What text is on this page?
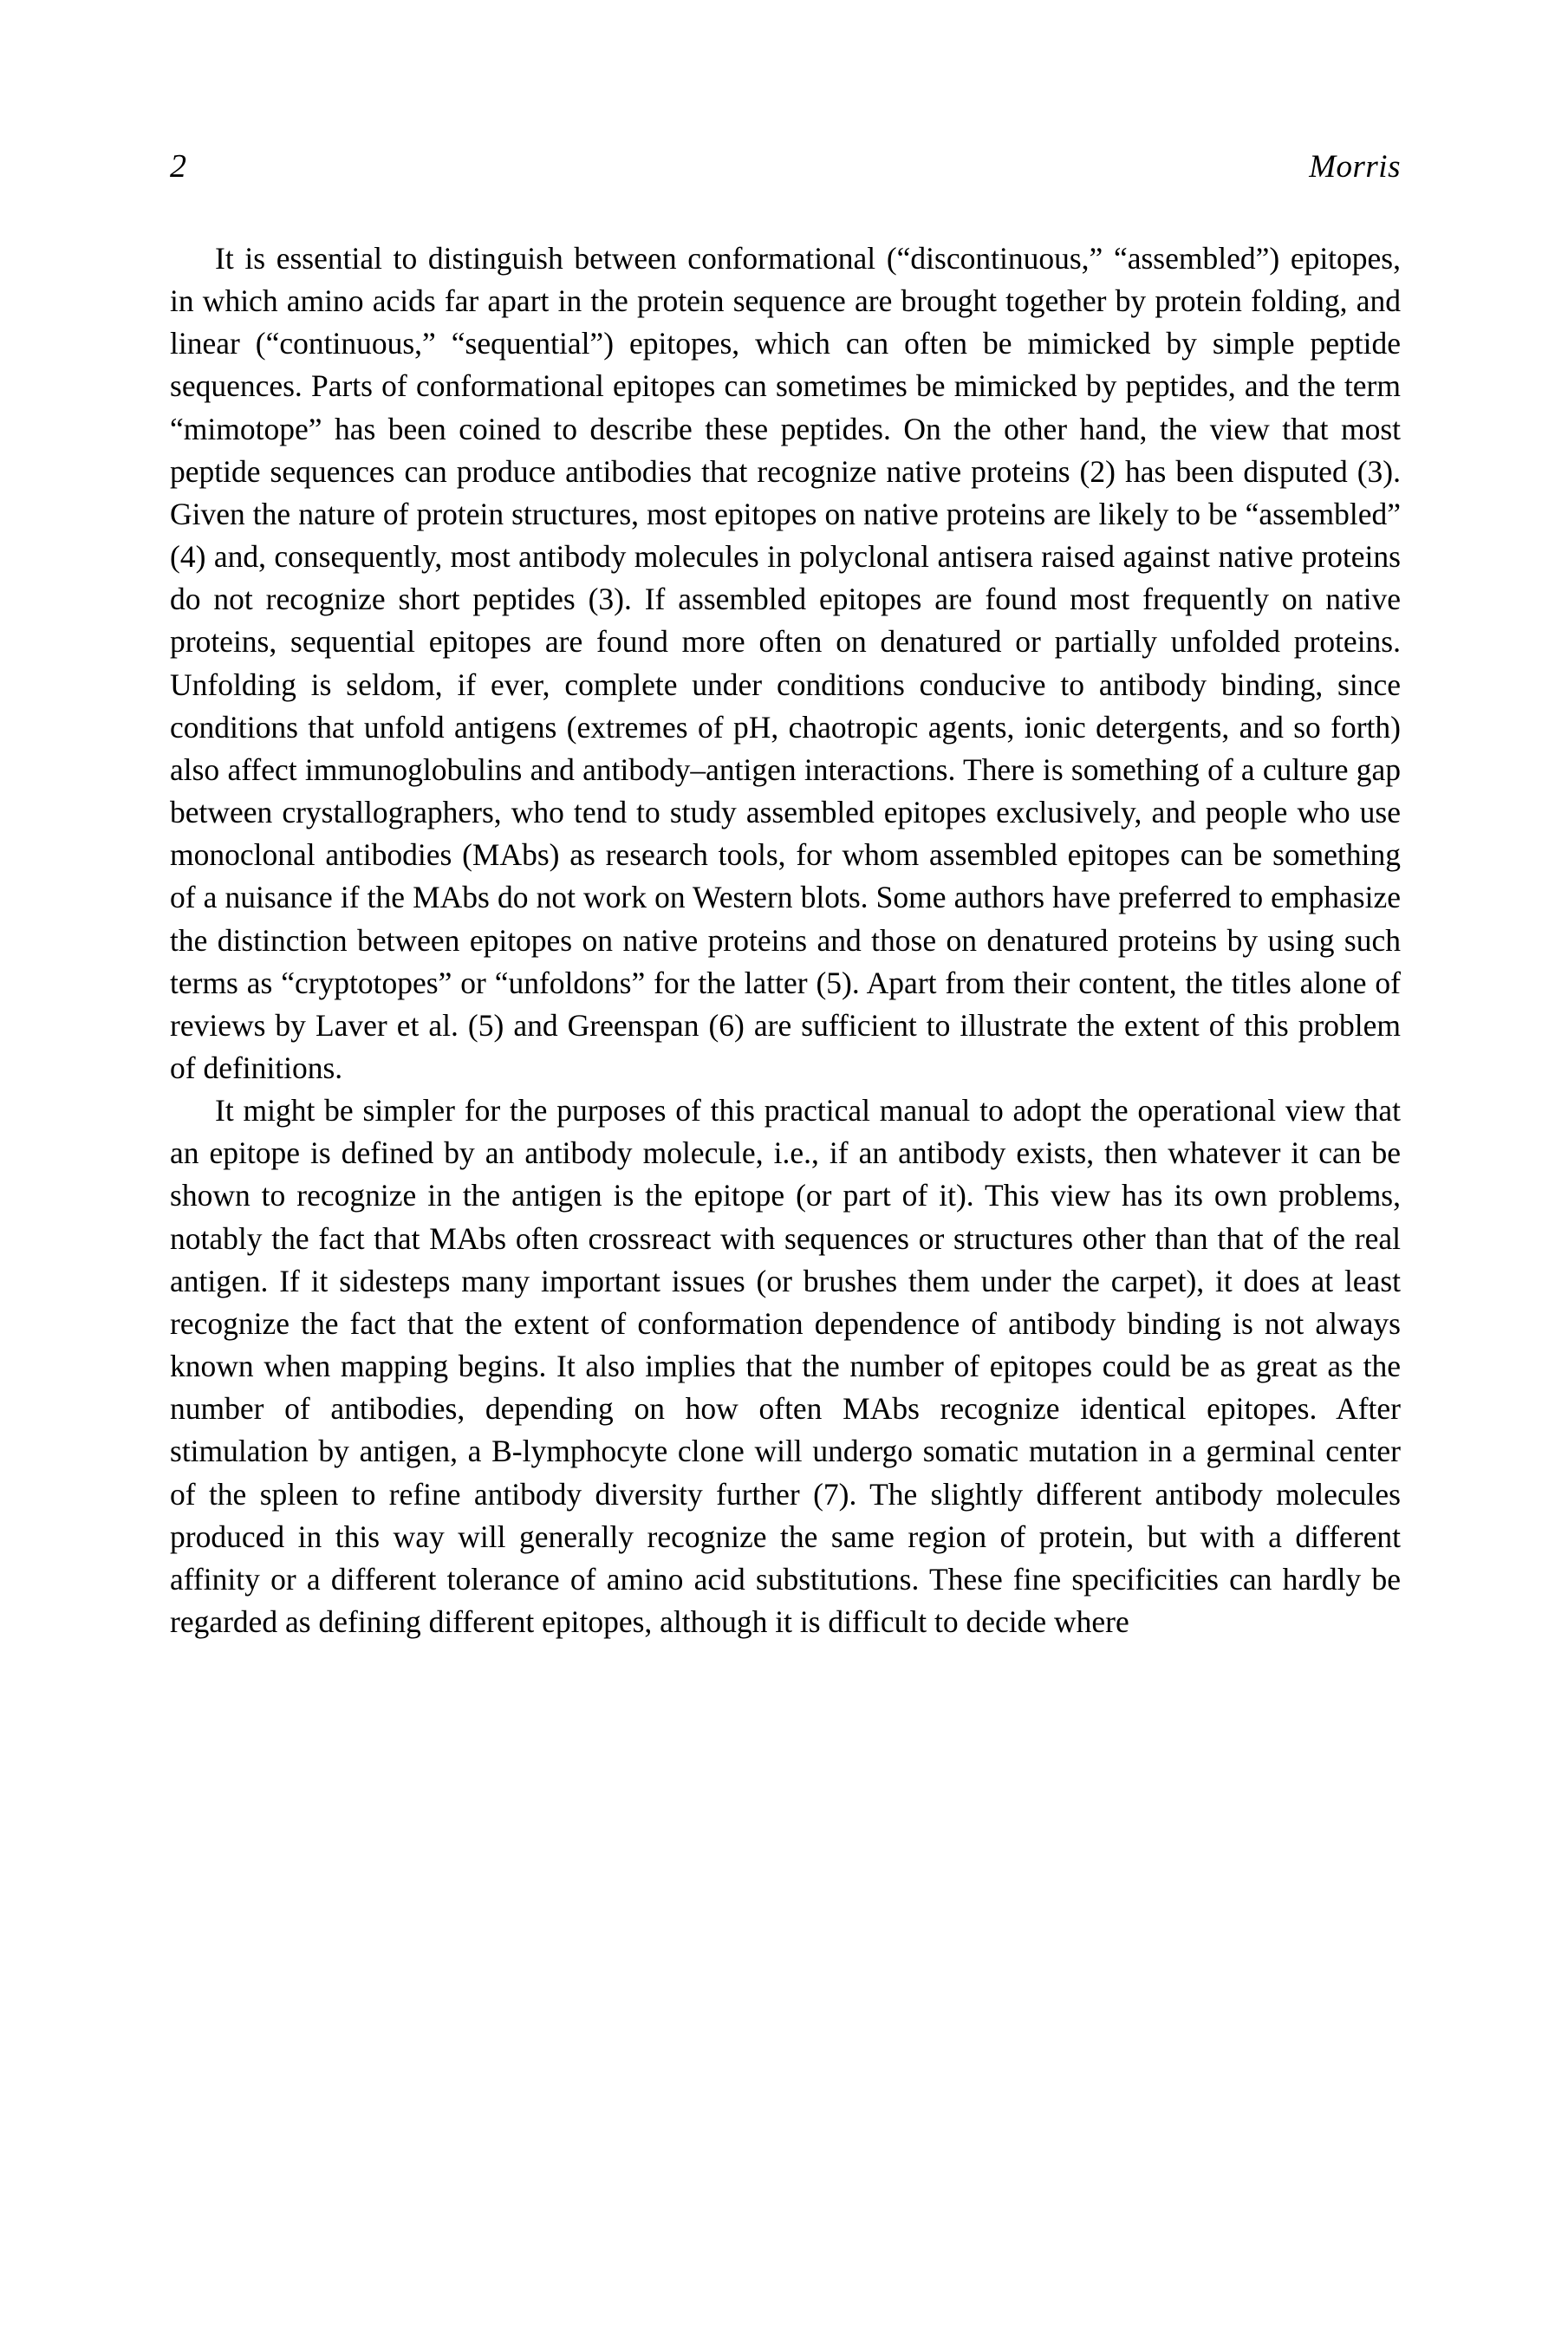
2	Morris

It is essential to distinguish between conformational (“discontinuous,” “assembled”) epitopes, in which amino acids far apart in the protein sequence are brought together by protein folding, and linear (“continuous,” “sequential”) epitopes, which can often be mimicked by simple peptide sequences. Parts of conformational epitopes can sometimes be mimicked by peptides, and the term “mimotope” has been coined to describe these peptides. On the other hand, the view that most peptide sequences can produce antibodies that recognize native proteins (2) has been disputed (3). Given the nature of protein structures, most epitopes on native proteins are likely to be “assembled” (4) and, consequently, most antibody molecules in polyclonal antisera raised against native proteins do not recognize short peptides (3). If assembled epitopes are found most frequently on native proteins, sequential epitopes are found more often on denatured or partially unfolded proteins. Unfolding is seldom, if ever, complete under conditions conducive to antibody binding, since conditions that unfold antigens (extremes of pH, chaotropic agents, ionic detergents, and so forth) also affect immunoglobulins and antibody–antigen interactions. There is something of a culture gap between crystallographers, who tend to study assembled epitopes exclusively, and people who use monoclonal antibodies (MAbs) as research tools, for whom assembled epitopes can be something of a nuisance if the MAbs do not work on Western blots. Some authors have preferred to emphasize the distinction between epitopes on native proteins and those on denatured proteins by using such terms as “cryptotopes” or “unfoldons” for the latter (5). Apart from their content, the titles alone of reviews by Laver et al. (5) and Greenspan (6) are sufficient to illustrate the extent of this problem of definitions.

It might be simpler for the purposes of this practical manual to adopt the operational view that an epitope is defined by an antibody molecule, i.e., if an antibody exists, then whatever it can be shown to recognize in the antigen is the epitope (or part of it). This view has its own problems, notably the fact that MAbs often crossreact with sequences or structures other than that of the real antigen. If it sidesteps many important issues (or brushes them under the carpet), it does at least recognize the fact that the extent of conformation dependence of antibody binding is not always known when mapping begins. It also implies that the number of epitopes could be as great as the number of antibodies, depending on how often MAbs recognize identical epitopes. After stimulation by antigen, a B-lymphocyte clone will undergo somatic mutation in a germinal center of the spleen to refine antibody diversity further (7). The slightly different antibody molecules produced in this way will generally recognize the same region of protein, but with a different affinity or a different tolerance of amino acid substitutions. These fine specificities can hardly be regarded as defining different epitopes, although it is difficult to decide where
